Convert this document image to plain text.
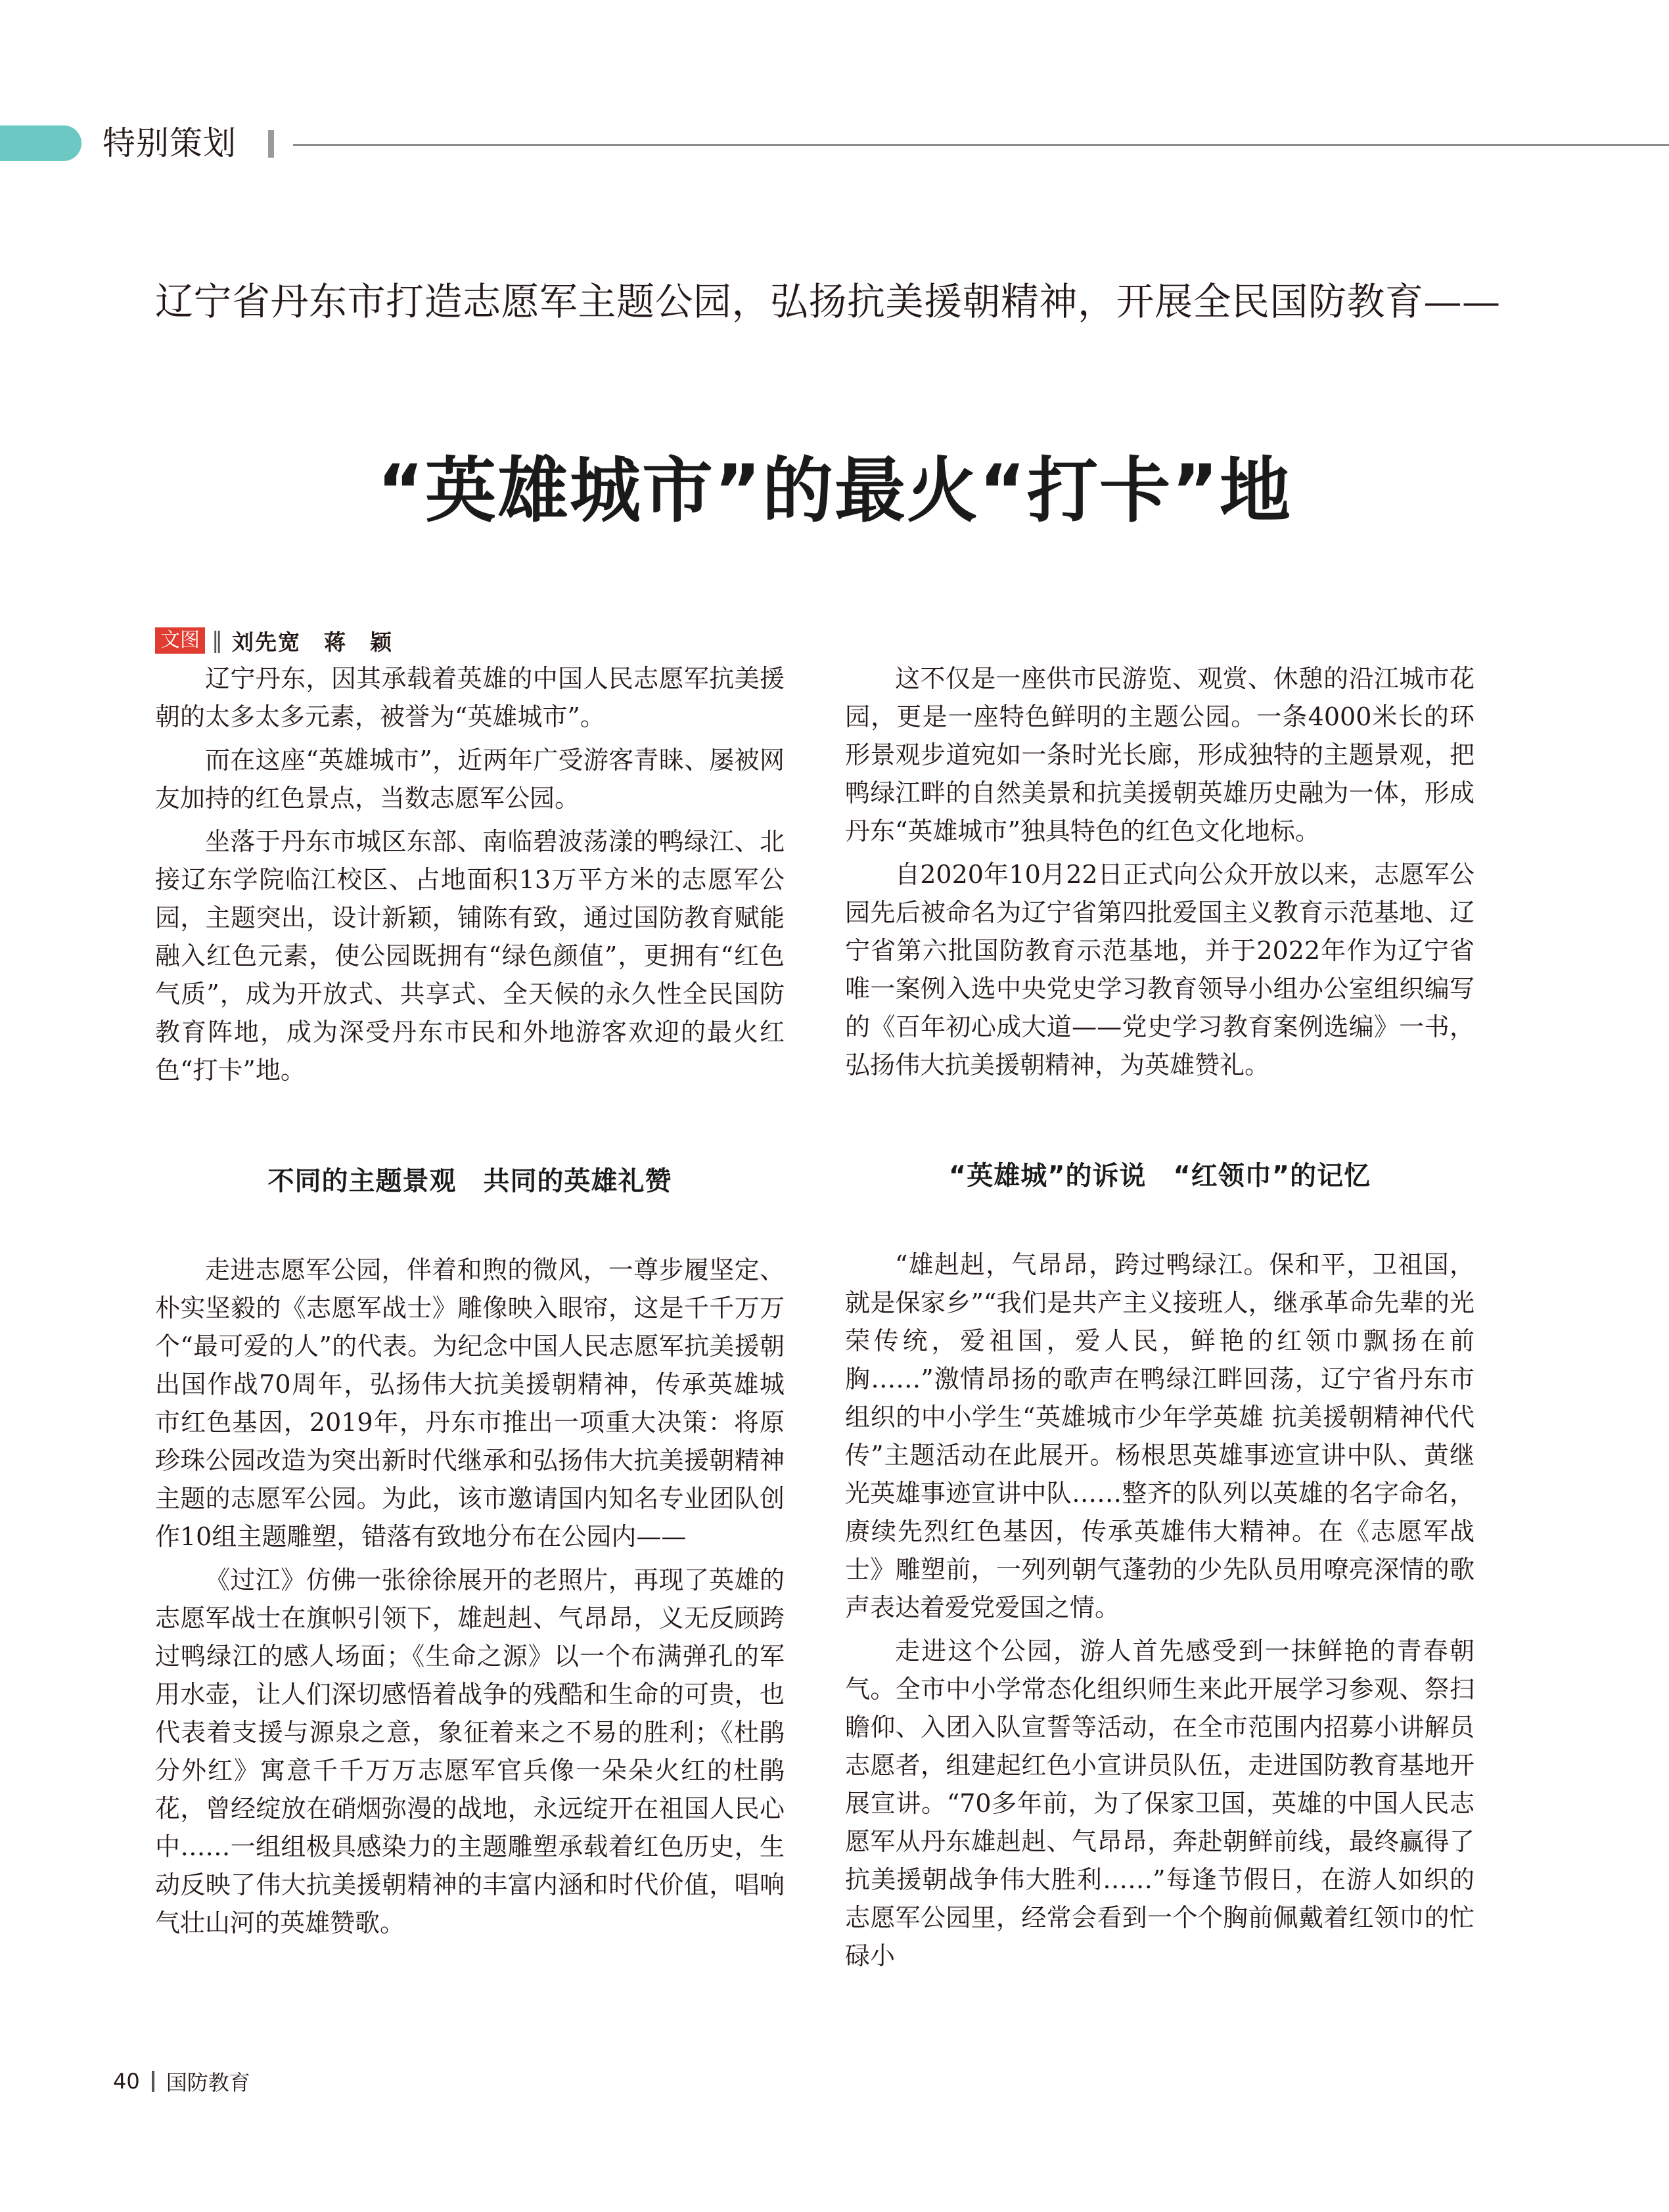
特别策划
辽宁省丹东市打造志愿军主题公园，弘扬抗美援朝精神，开展全民国防教育——
“英雄城市”的最火“打卡”地
文图 ‖ 刘先宽　蒋　颖

辽宁丹东，因其承载着英雄的中国人民志愿军抗美援朝的太多太多元素，被誉为“英雄城市”。

而在这座“英雄城市”，近两年广受游客青睐、屡被网友加持的红色景点，当数志愿军公园。

坐落于丹东市城区东部、南临碧波荡漾的鸭绿江、北接辽东学院临江校区、占地面积13万平方米的志愿军公园，主题突出，设计新颖，铺陈有致，通过国防教育赋能融入红色元素，使公园既拥有“绿色颜值”，更拥有“红色气质”，成为开放式、共享式、全天候的永久性全民国防教育阵地，成为深受丹东市民和外地游客欢迎的最火红色“打卡”地。

不同的主题景观　共同的英雄礼赞

走进志愿军公园，伴着和煦的微风，一尊步履坚定、朴实坚毅的《志愿军战士》雕像映入眼帘，这是千千万万个“最可爱的人”的代表。为纪念中国人民志愿军抗美援朝出国作战70周年，弘扬伟大抗美援朝精神，传承英雄城市红色基因，2019年，丹东市推出一项重大决策：将原珍珠公园改造为突出新时代继承和弘扬伟大抗美援朝精神主题的志愿军公园。为此，该市邀请国内知名专业团队创作10组主题雕塑，错落有致地分布在公园内——

《过江》仿佛一张徐徐展开的老照片，再现了英雄的志愿军战士在旗帜引领下，雄赳赳、气昂昂，义无反顾跨过鸭绿江的感人场面；《生命之源》以一个布满弹孔的军用水壶，让人们深切感悟着战争的残酷和生命的可贵，也代表着支援与源泉之意，象征着来之不易的胜利；《杜鹃分外红》寓意千千万万志愿军官兵像一朵朵火红的杜鹃花，曾经绽放在硝烟弥漫的战地，永远绽开在祖国人民心中……一组组极具感染力的主题雕塑承载着红色历史，生动反映了伟大抗美援朝精神的丰富内涵和时代价值，唱响气壮山河的英雄赞歌。

这不仅是一座供市民游览、观赏、休憩的沿江城市花园，更是一座特色鲜明的主题公园。一条4000米长的环形景观步道宛如一条时光长廊，形成独特的主题景观，把鸭绿江畔的自然美景和抗美援朝英雄历史融为一体，形成丹东“英雄城市”独具特色的红色文化地标。

自2020年10月22日正式向公众开放以来，志愿军公园先后被命名为辽宁省第四批爱国主义教育示范基地、辽宁省第六批国防教育示范基地，并于2022年作为辽宁省唯一案例入选中央党史学习教育领导小组办公室组织编写的《百年初心成大道——党史学习教育案例选编》一书，弘扬伟大抗美援朝精神，为英雄赞礼。

“英雄城”的诉说　“红领巾”的记忆

“雄赳赳，气昂昂，跨过鸭绿江。保和平，卫祖国，就是保家乡”“我们是共产主义接班人，继承革命先辈的光荣传统，爱祖国，爱人民，鲜艳的红领巾飘扬在前胸……”激情昂扬的歌声在鸭绿江畔回荡，辽宁省丹东市组织的中小学生“英雄城市少年学英雄 抗美援朝精神代代传”主题活动在此展开。杨根思英雄事迹宣讲中队、黄继光英雄事迹宣讲中队……整齐的队列以英雄的名字命名，赓续先烈红色基因，传承英雄伟大精神。在《志愿军战士》雕塑前，一列列朝气蓬勃的少先队员用嘹亮深情的歌声表达着爱党爱国之情。

走进这个公园，游人首先感受到一抹鲜艳的青春朝气。全市中小学常态化组织师生来此开展学习参观、祭扫瞻仰、入团入队宣誓等活动，在全市范围内招募小讲解员志愿者，组建起红色小宣讲员队伍，走进国防教育基地开展宣讲。“70多年前，为了保家卫国，英雄的中国人民志愿军从丹东雄赳赳、气昂昂，奔赴朝鲜前线，最终赢得了抗美援朝战争伟大胜利……”每逢节假日，在游人如织的志愿军公园里，经常会看到一个个胸前佩戴着红领巾的忙碌小

40 国防教育
